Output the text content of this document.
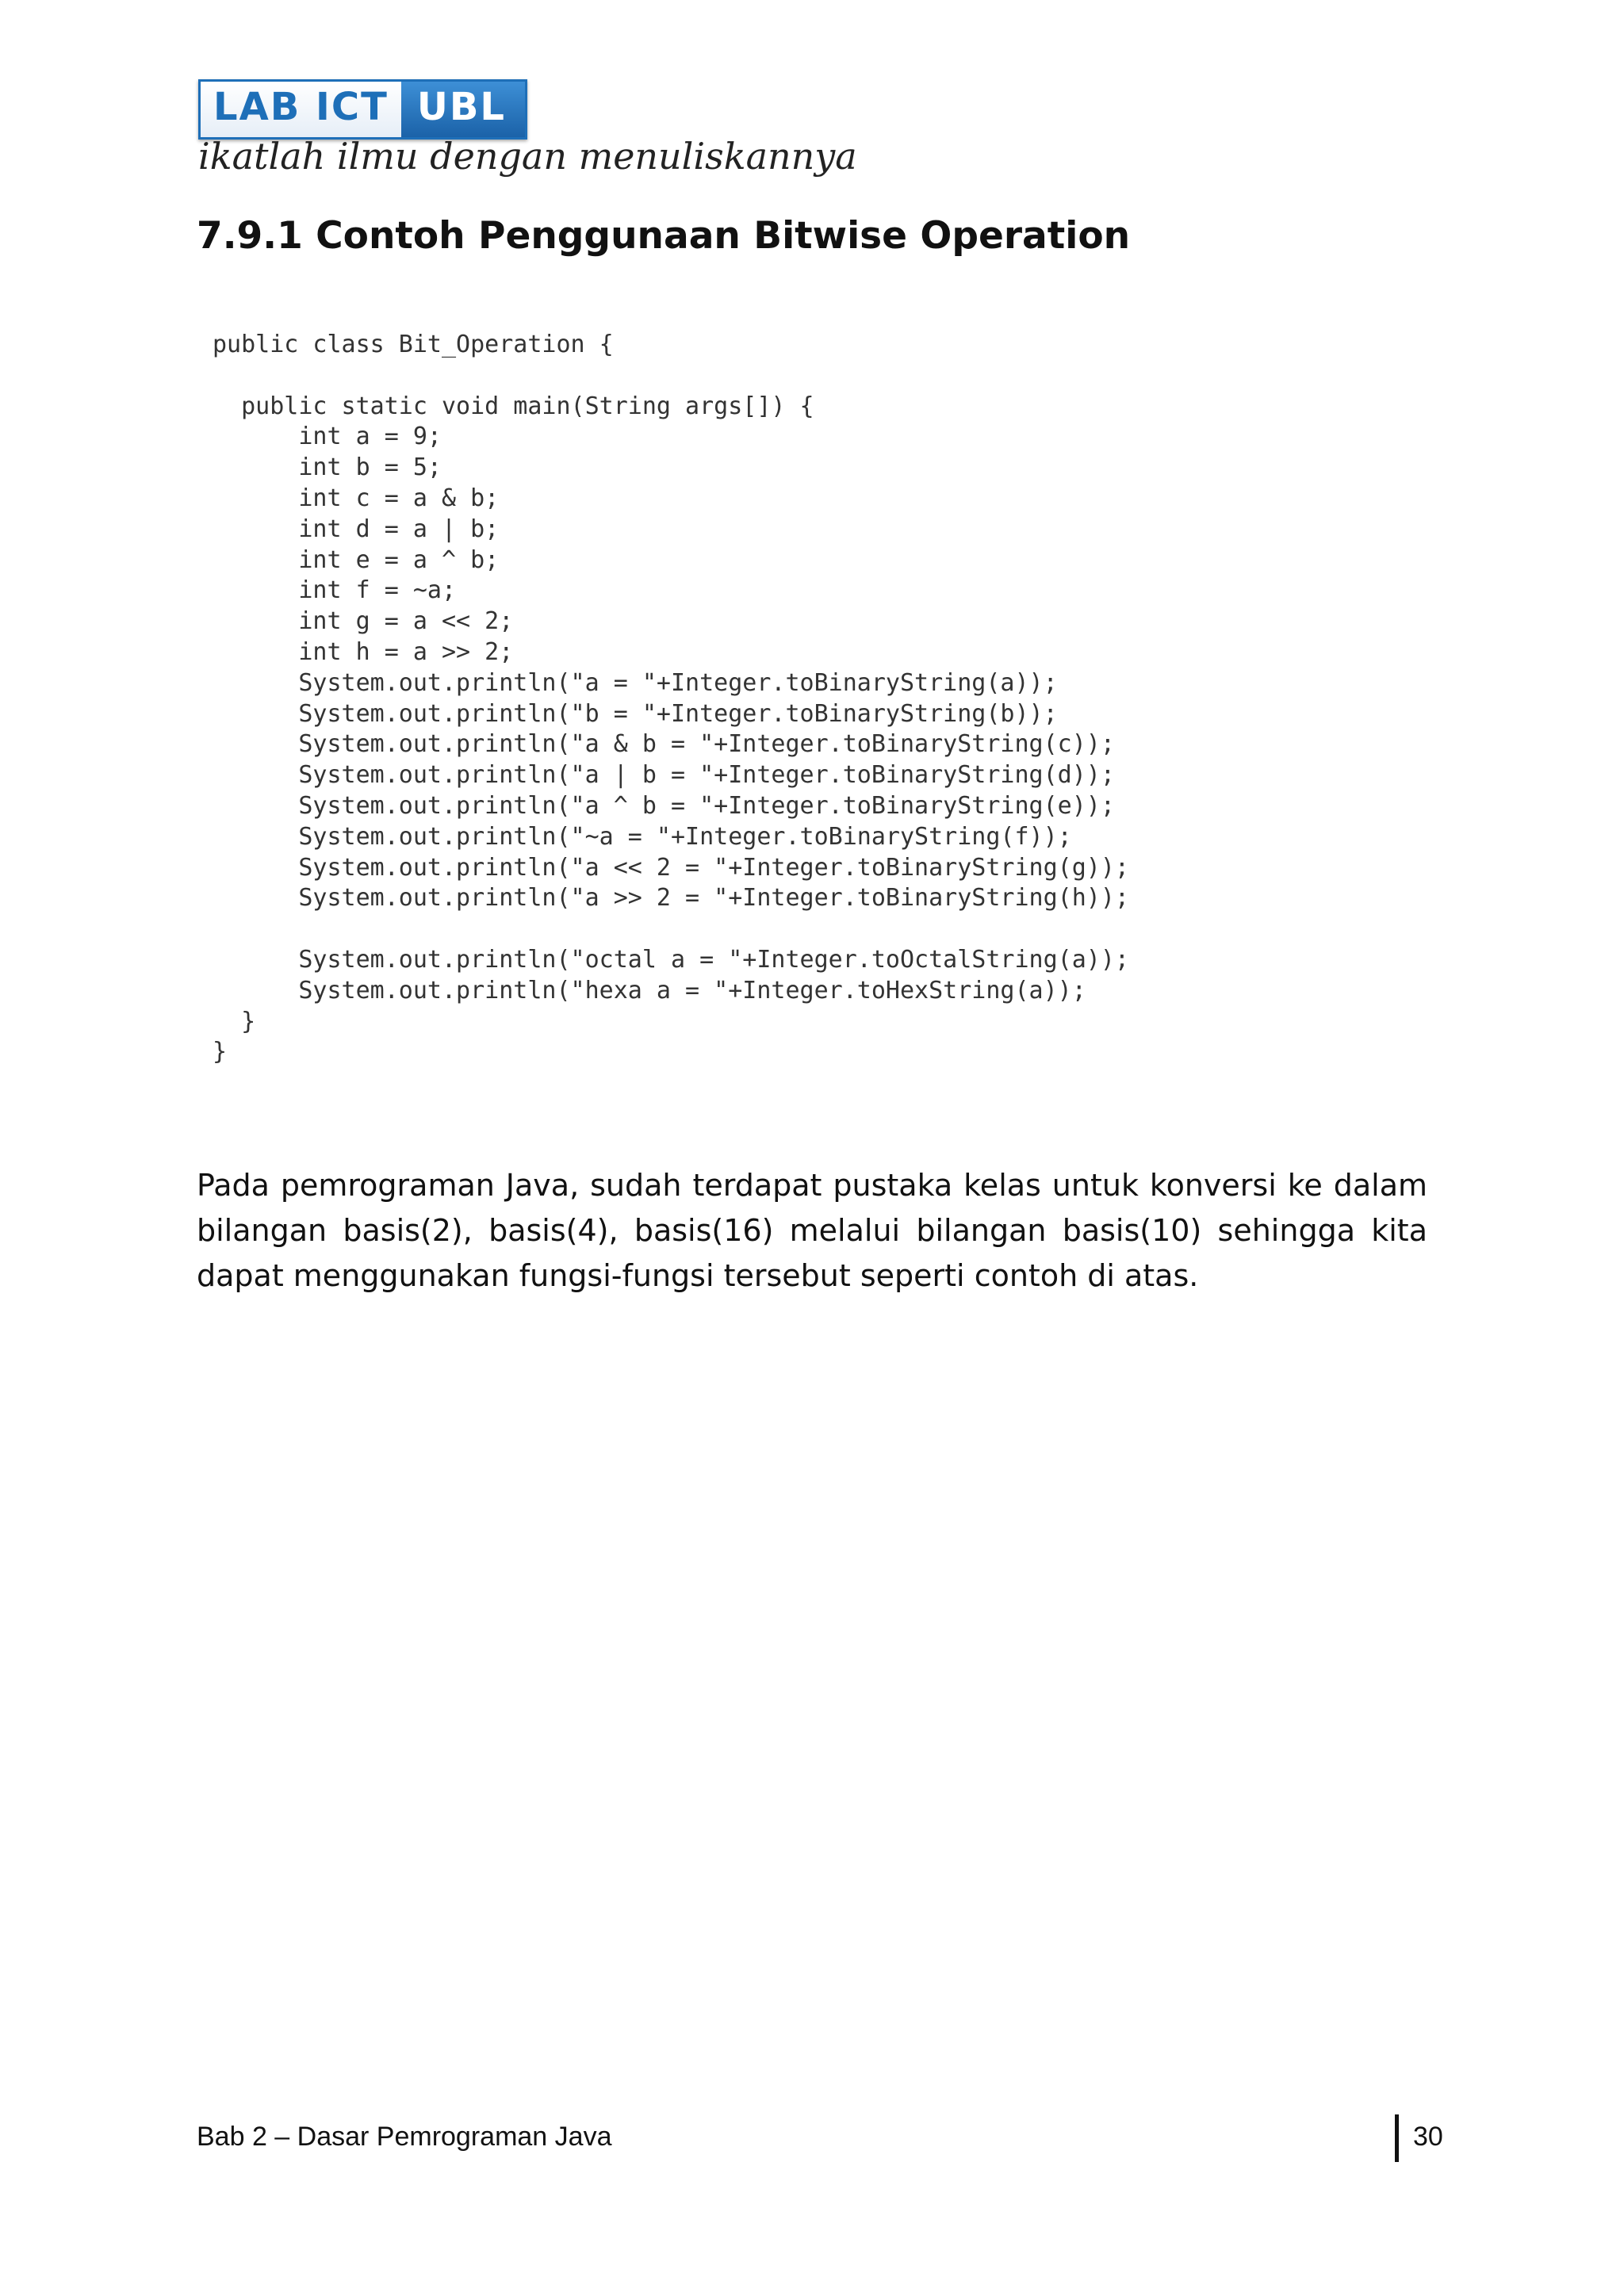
LAB ICT UBL
ikatlah ilmu dengan menuliskannya
7.9.1 Contoh Penggunaan Bitwise Operation
public class Bit_Operation {
public static void main(String args[]) {
int a = 9;
int b = 5;
int c = a & b;
int d = a | b;
int e = a ^ b;
int f = ~a;
int g = a << 2;
int h = a >> 2;
System.out.println("a = "+Integer.toBinaryString(a));
System.out.println("b = "+Integer.toBinaryString(b));
System.out.println("a & b = "+Integer.toBinaryString(c));
System.out.println("a | b = "+Integer.toBinaryString(d));
System.out.println("a ^ b = "+Integer.toBinaryString(e));
System.out.println("~a = "+Integer.toBinaryString(f));
System.out.println("a << 2 = "+Integer.toBinaryString(g));
System.out.println("a >> 2 = "+Integer.toBinaryString(h));
System.out.println("octal a = "+Integer.toOctalString(a));
System.out.println("hexa a = "+Integer.toHexString(a));
}
}

Pada pemrograman Java, sudah terdapat pustaka kelas untuk konversi ke dalam bilangan basis(2), basis(4), basis(16) melalui bilangan basis(10) sehingga kita dapat menggunakan fungsi-fungsi tersebut seperti contoh di atas.

Bab 2 – Dasar Pemrograman Java	30
